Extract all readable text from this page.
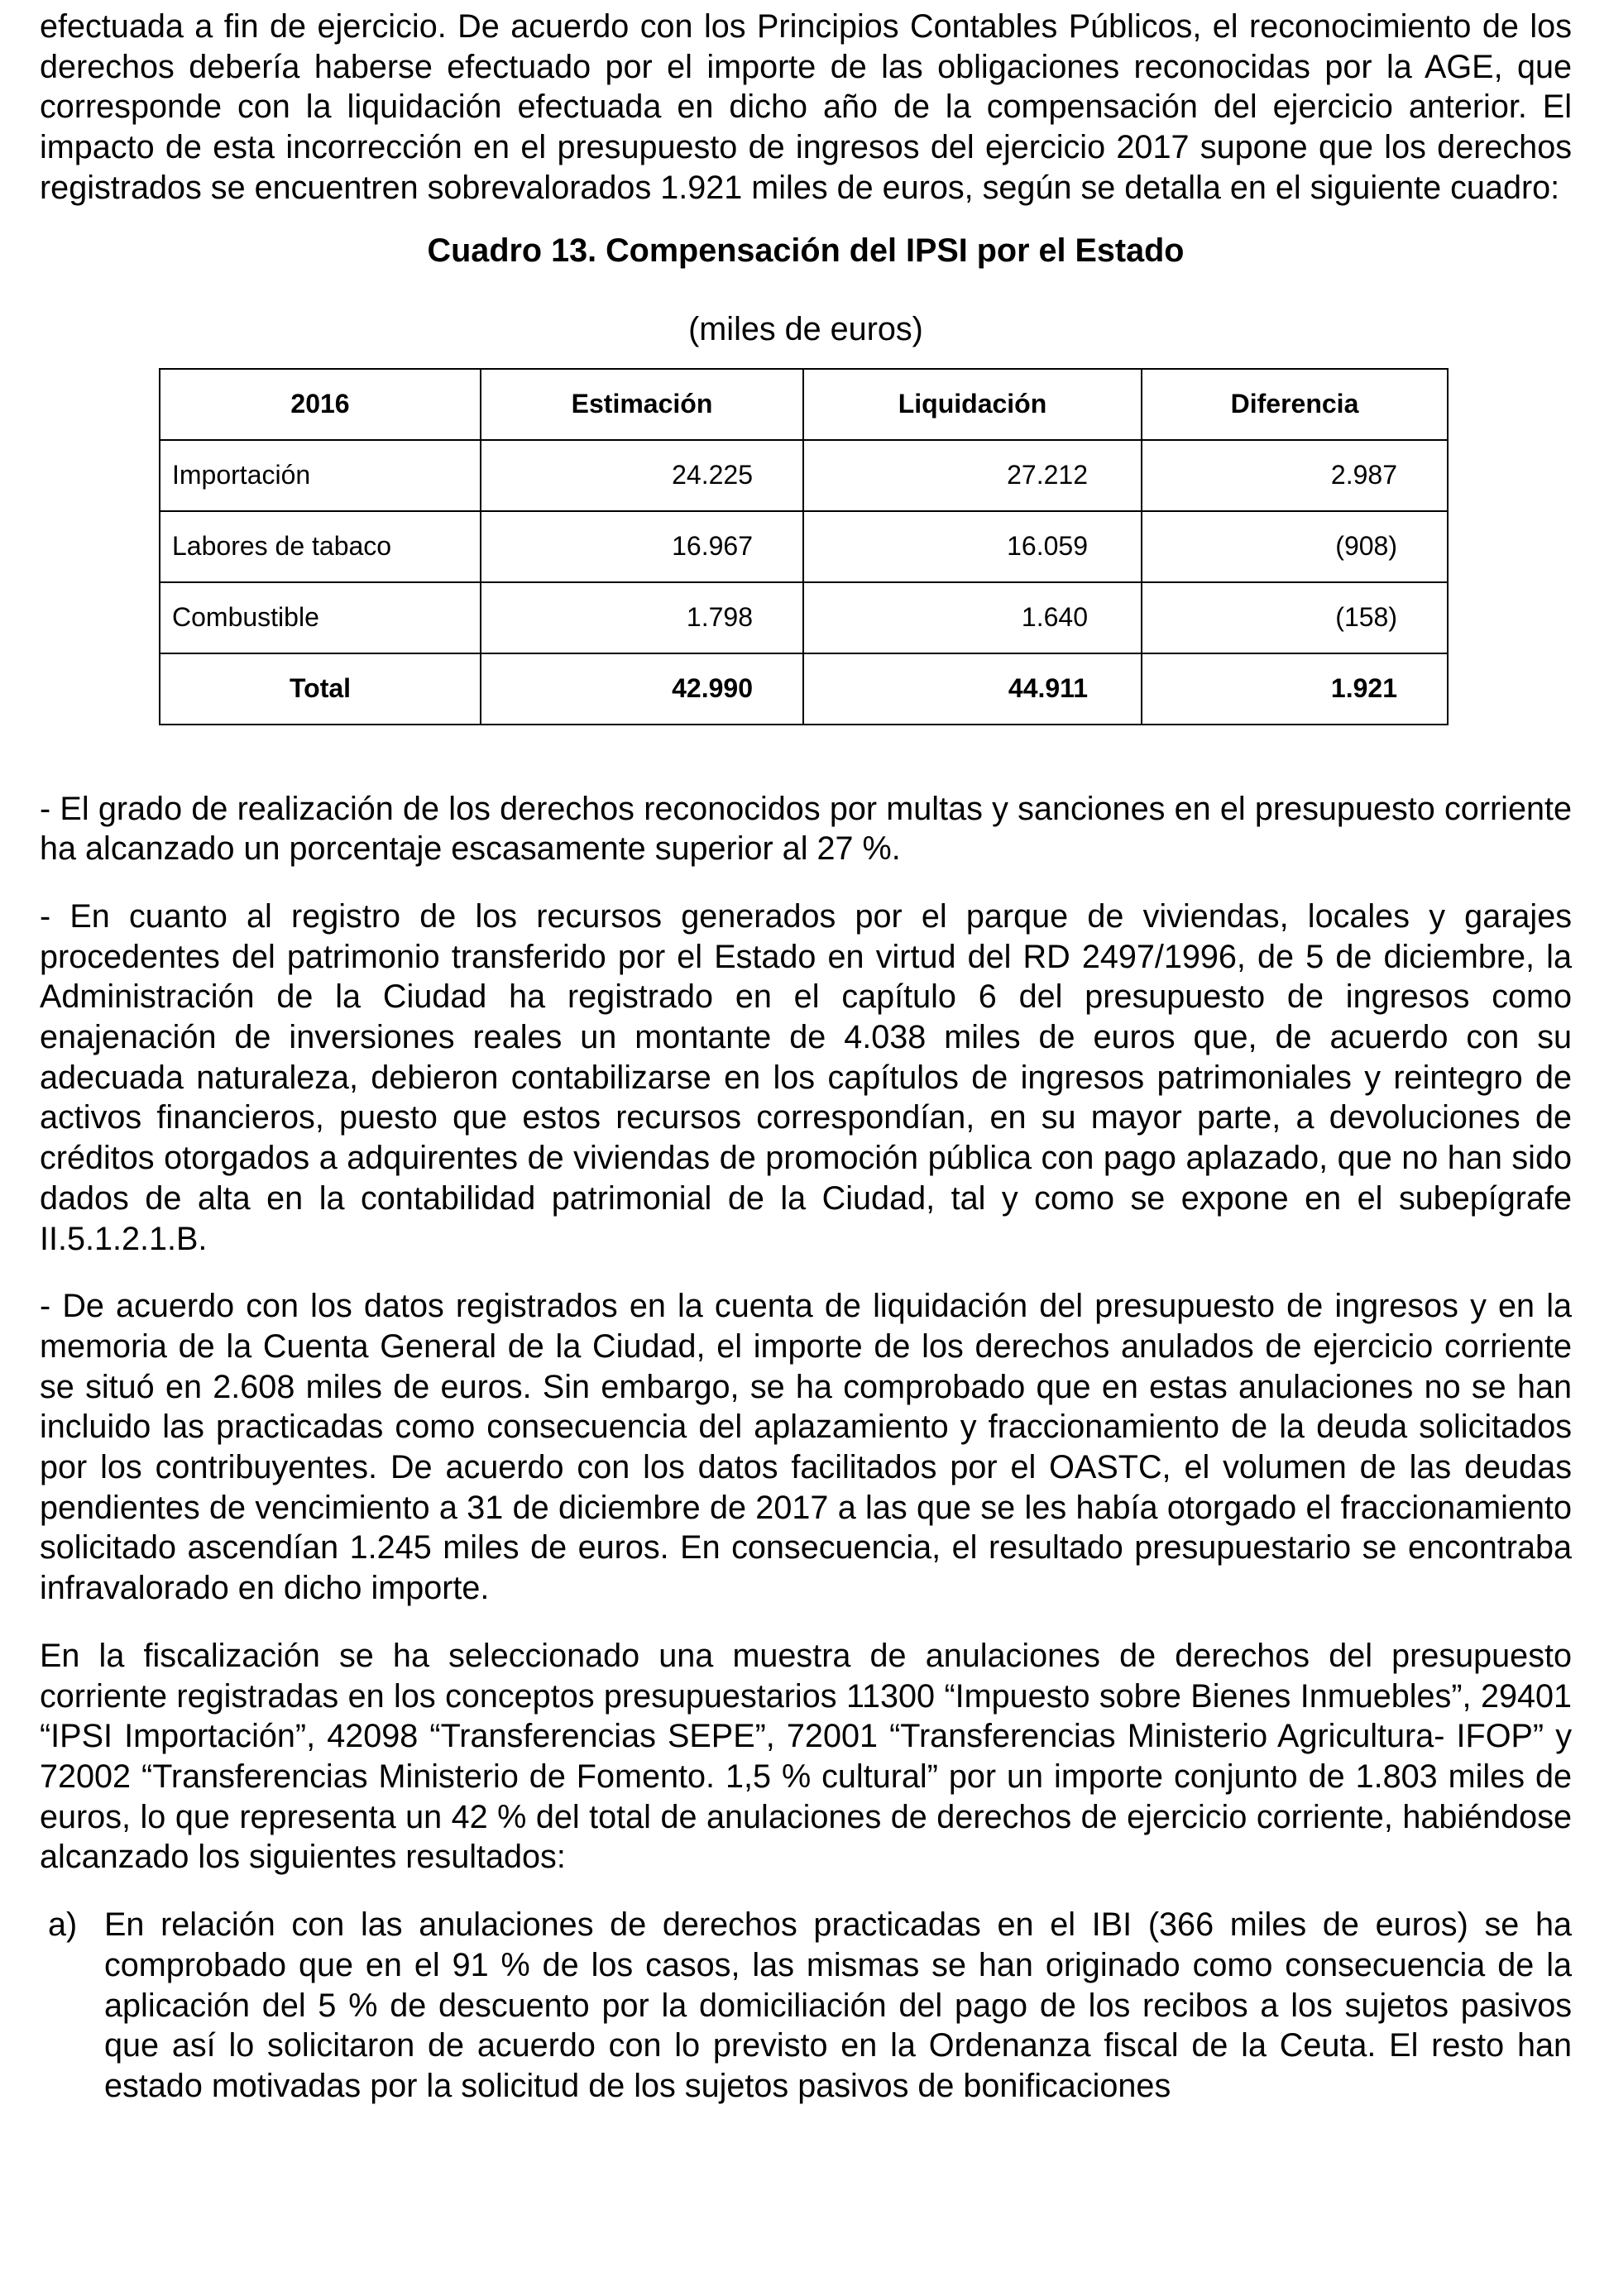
efectuada a fin de ejercicio. De acuerdo con los Principios Contables Públicos, el reconocimiento de los derechos debería haberse efectuado por el importe de las obligaciones reconocidas por la AGE, que corresponde con la liquidación efectuada en dicho año de la compensación del ejercicio anterior. El impacto de esta incorrección en el presupuesto de ingresos del ejercicio 2017 supone que los derechos registrados se encuentren sobrevalorados 1.921 miles de euros, según se detalla en el siguiente cuadro:

Cuadro 13. Compensación del IPSI por el Estado

(miles de euros)

2016	Estimación	Liquidación	Diferencia
Importación	24.225	27.212	2.987
Labores de tabaco	16.967	16.059	(908)
Combustible	1.798	1.640	(158)
Total	42.990	44.911	1.921

- El grado de realización de los derechos reconocidos por multas y sanciones en el presupuesto corriente ha alcanzado un porcentaje escasamente superior al 27 %.

- En cuanto al registro de los recursos generados por el parque de viviendas, locales y garajes procedentes del patrimonio transferido por el Estado en virtud del RD 2497/1996, de 5 de diciembre, la Administración de la Ciudad ha registrado en el capítulo 6 del presupuesto de ingresos como enajenación de inversiones reales un montante de 4.038 miles de euros que, de acuerdo con su adecuada naturaleza, debieron contabilizarse en los capítulos de ingresos patrimoniales y reintegro de activos financieros, puesto que estos recursos correspondían, en su mayor parte, a devoluciones de créditos otorgados a adquirentes de viviendas de promoción pública con pago aplazado, que no han sido dados de alta en la contabilidad patrimonial de la Ciudad, tal y como se expone en el subepígrafe II.5.1.2.1.B.

- De acuerdo con los datos registrados en la cuenta de liquidación del presupuesto de ingresos y en la memoria de la Cuenta General de la Ciudad, el importe de los derechos anulados de ejercicio corriente se situó en 2.608 miles de euros. Sin embargo, se ha comprobado que en estas anulaciones no se han incluido las practicadas como consecuencia del aplazamiento y fraccionamiento de la deuda solicitados por los contribuyentes. De acuerdo con los datos facilitados por el OASTC, el volumen de las deudas pendientes de vencimiento a 31 de diciembre de 2017 a las que se les había otorgado el fraccionamiento solicitado ascendían 1.245 miles de euros. En consecuencia, el resultado presupuestario se encontraba infravalorado en dicho importe.

En la fiscalización se ha seleccionado una muestra de anulaciones de derechos del presupuesto corriente registradas en los conceptos presupuestarios 11300 “Impuesto sobre Bienes Inmuebles”, 29401 “IPSI Importación”, 42098 “Transferencias SEPE”, 72001 “Transferencias Ministerio Agricultura- IFOP” y 72002 “Transferencias Ministerio de Fomento. 1,5 % cultural” por un importe conjunto de 1.803 miles de euros, lo que representa un 42 % del total de anulaciones de derechos de ejercicio corriente, habiéndose alcanzado los siguientes resultados:

a) En relación con las anulaciones de derechos practicadas en el IBI (366 miles de euros) se ha comprobado que en el 91 % de los casos, las mismas se han originado como consecuencia de la aplicación del 5 % de descuento por la domiciliación del pago de los recibos a los sujetos pasivos que así lo solicitaron de acuerdo con lo previsto en la Ordenanza fiscal de la Ceuta. El resto han estado motivadas por la solicitud de los sujetos pasivos de bonificaciones
